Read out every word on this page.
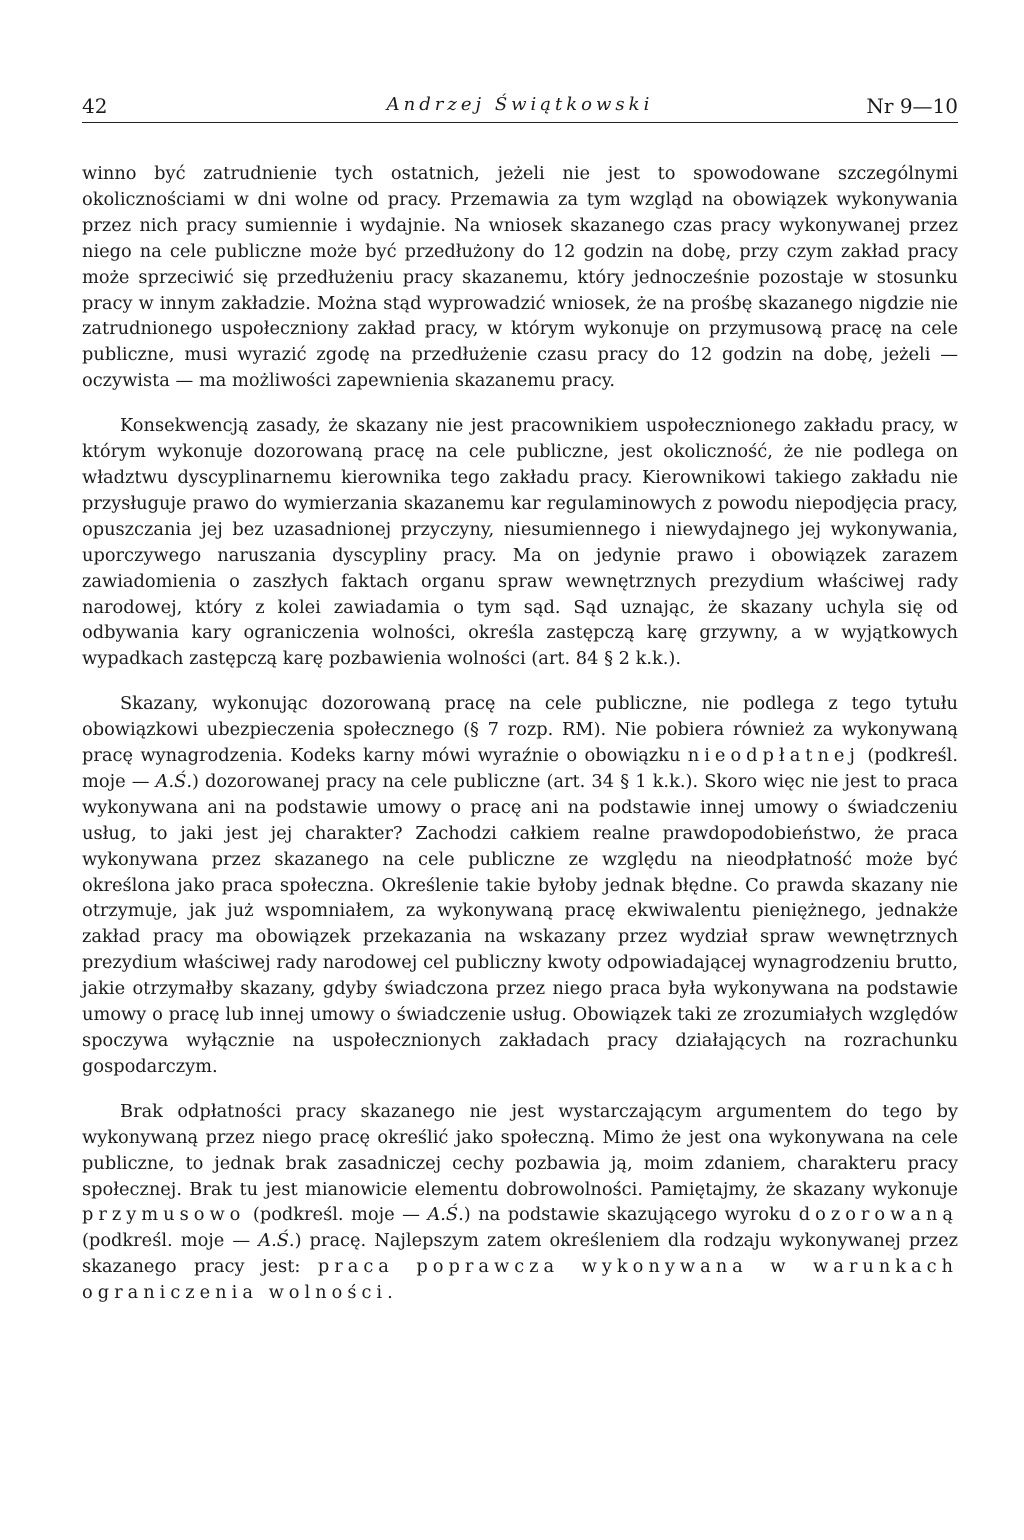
42	Andrzej Świątkowski	Nr 9—10

winno być zatrudnienie tych ostatnich, jeżeli nie jest to spowodowane szczególnymi okolicznościami w dni wolne od pracy. Przemawia za tym wzgląd na obowiązek wykonywania przez nich pracy sumiennie i wydajnie. Na wniosek skazanego czas pracy wykonywanej przez niego na cele publiczne może być przedłużony do 12 godzin na dobę, przy czym zakład pracy może sprzeciwić się przedłużeniu pracy skazanemu, który jednocześnie pozostaje w stosunku pracy w innym zakładzie. Można stąd wyprowadzić wniosek, że na prośbę skazanego nigdzie nie zatrudnionego uspołeczniony zakład pracy, w którym wykonuje on przymusową pracę na cele publiczne, musi wyrazić zgodę na przedłużenie czasu pracy do 12 godzin na dobę, jeżeli — oczywista — ma możliwości zapewnienia skazanemu pracy.

Konsekwencją zasady, że skazany nie jest pracownikiem uspołecznionego zakładu pracy, w którym wykonuje dozorowaną pracę na cele publiczne, jest okoliczność, że nie podlega on władztwu dyscyplinarnemu kierownika tego zakładu pracy. Kierownikowi takiego zakładu nie przysługuje prawo do wymierzania skazanemu kar regulaminowych z powodu niepodjęcia pracy, opuszczania jej bez uzasadnionej przyczyny, niesumiennego i niewydajnego jej wykonywania, uporczywego naruszania dyscypliny pracy. Ma on jedynie prawo i obowiązek zarazem zawiadomienia o zaszłych faktach organu spraw wewnętrznych prezydium właściwej rady narodowej, który z kolei zawiadamia o tym sąd. Sąd uznając, że skazany uchyla się od odbywania kary ograniczenia wolności, określa zastępczą karę grzywny, a w wyjątkowych wypadkach zastępczą karę pozbawienia wolności (art. 84 § 2 k.k.).

Skazany, wykonując dozorowaną pracę na cele publiczne, nie podlega z tego tytułu obowiązkowi ubezpieczenia społecznego (§ 7 rozp. RM). Nie pobiera również za wykonywaną pracę wynagrodzenia. Kodeks karny mówi wyraźnie o obowiązku nieodpłatnej (podkreśl. moje — A.Ś.) dozorowanej pracy na cele publiczne (art. 34 § 1 k.k.). Skoro więc nie jest to praca wykonywana ani na podstawie umowy o pracę ani na podstawie innej umowy o świadczeniu usług, to jaki jest jej charakter? Zachodzi całkiem realne prawdopodobieństwo, że praca wykonywana przez skazanego na cele publiczne ze względu na nieodpłatność może być określona jako praca społeczna. Określenie takie byłoby jednak błędne. Co prawda skazany nie otrzymuje, jak już wspomniałem, za wykonywaną pracę ekwiwalentu pieniężnego, jednakże zakład pracy ma obowiązek przekazania na wskazany przez wydział spraw wewnętrznych prezydium właściwej rady narodowej cel publiczny kwoty odpowiadającej wynagrodzeniu brutto, jakie otrzymałby skazany, gdyby świadczona przez niego praca była wykonywana na podstawie umowy o pracę lub innej umowy o świadczenie usług. Obowiązek taki ze zrozumiałych względów spoczywa wyłącznie na uspołecznionych zakładach pracy działających na rozrachunku gospodarczym.

Brak odpłatności pracy skazanego nie jest wystarczającym argumentem do tego by wykonywaną przez niego pracę określić jako społeczną. Mimo że jest ona wykonywana na cele publiczne, to jednak brak zasadniczej cechy pozbawia ją, moim zdaniem, charakteru pracy społecznej. Brak tu jest mianowicie elementu dobrowolności. Pamiętajmy, że skazany wykonuje przymusowo (podkreśl. moje — A.Ś.) na podstawie skazującego wyroku dozorowaną (podkreśl. moje — A.Ś.) pracę. Najlepszym zatem określeniem dla rodzaju wykonywanej przez skazanego pracy jest: praca poprawcza wykonywana w warunkach ograniczenia wolności.
